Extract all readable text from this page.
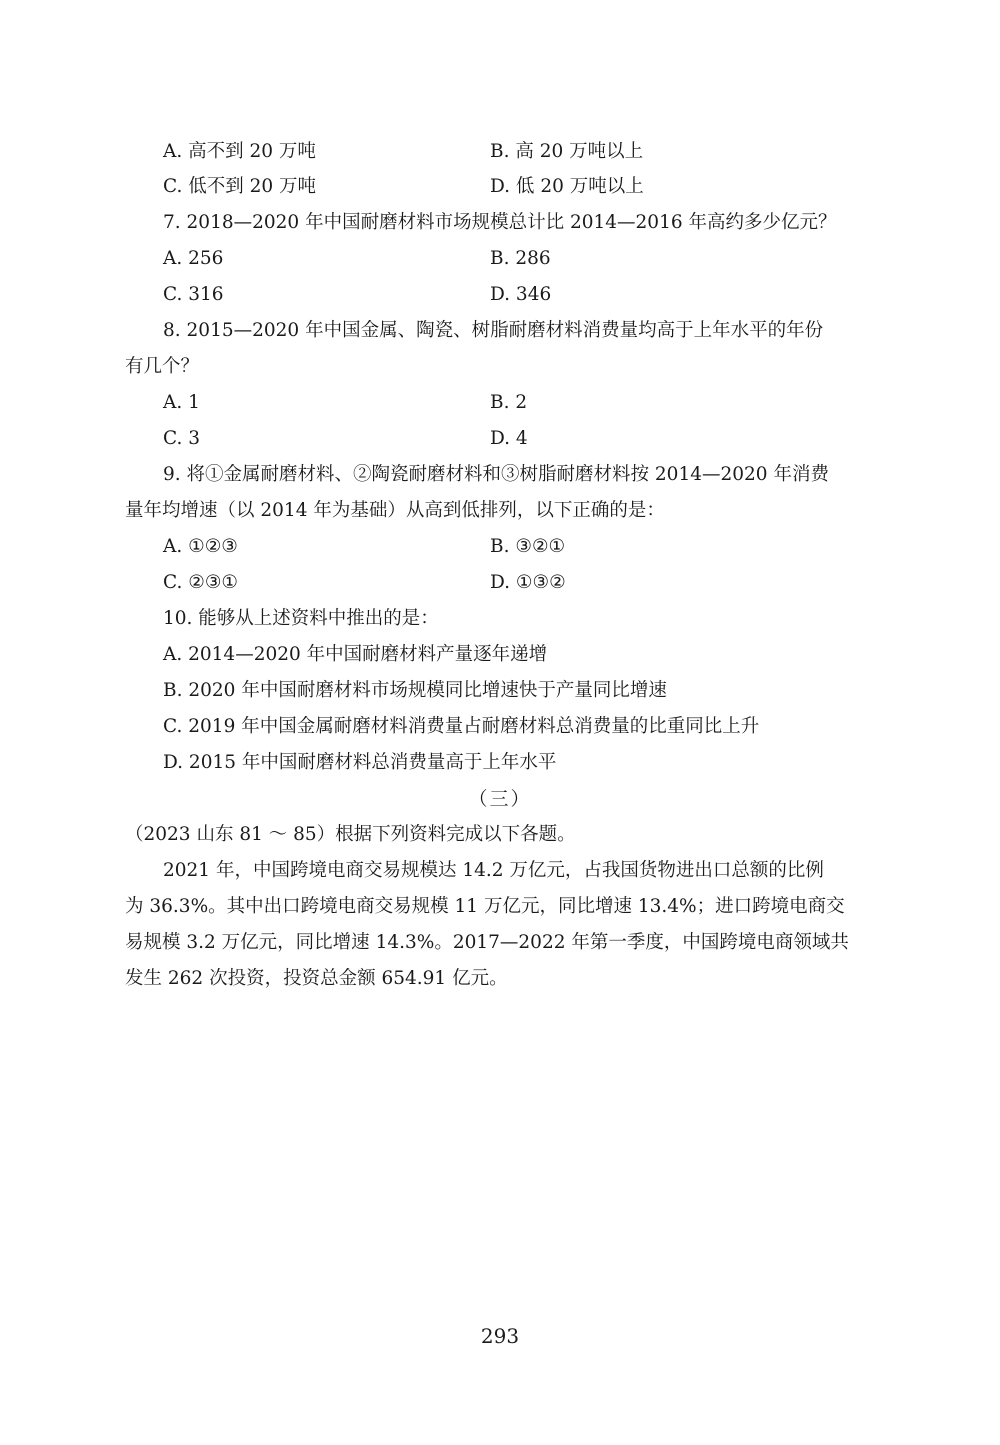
A. 高不到 20 万吨	B. 高 20 万吨以上
C. 低不到 20 万吨	D. 低 20 万吨以上
7. 2018—2020 年中国耐磨材料市场规模总计比 2014—2016 年高约多少亿元？
A. 256	B. 286
C. 316	D. 346
8. 2015—2020 年中国金属、陶瓷、树脂耐磨材料消费量均高于上年水平的年份
有几个？
A. 1	B. 2
C. 3	D. 4
9. 将①金属耐磨材料、②陶瓷耐磨材料和③树脂耐磨材料按 2014—2020 年消费
量年均增速（以 2014 年为基础）从高到低排列，以下正确的是：
A. ①②③	B. ③②①
C. ②③①	D. ①③②
10. 能够从上述资料中推出的是：
A. 2014—2020 年中国耐磨材料产量逐年递增
B. 2020 年中国耐磨材料市场规模同比增速快于产量同比增速
C. 2019 年中国金属耐磨材料消费量占耐磨材料总消费量的比重同比上升
D. 2015 年中国耐磨材料总消费量高于上年水平
（三）
（2023 山东 81 ～ 85）根据下列资料完成以下各题。
2021 年，中国跨境电商交易规模达 14.2 万亿元，占我国货物进出口总额的比例
为 36.3%。其中出口跨境电商交易规模 11 万亿元，同比增速 13.4%；进口跨境电商交
易规模 3.2 万亿元，同比增速 14.3%。2017—2022 年第一季度，中国跨境电商领域共
发生 262 次投资，投资总金额 654.91 亿元。
293
